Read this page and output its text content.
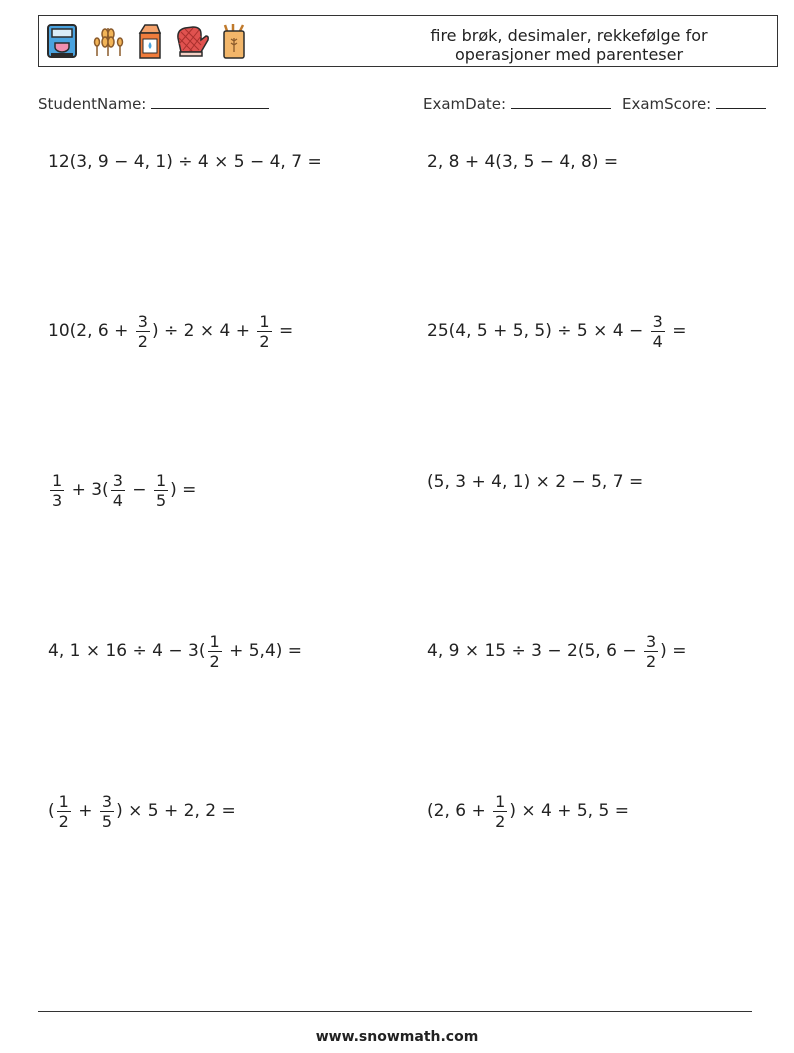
fire brøk, desimaler, rekkefølge for
operasjoner med parenteser
StudentName:	ExamDate:	ExamScore:
12(3, 9 − 4, 1) ÷ 4 × 5 − 4, 7 =	2, 8 + 4(3, 5 − 4, 8) =
10(2, $6 + \frac{3}{2}$ ) ÷ $2 \times 4 + \frac{1}{2}$ =	25(4, 5 + 5, $5) \div 5 \times 4 - \frac{3}{4}$ =
$\frac{1}{3} + 3( \frac{3}{4} - \frac{1}{5}$ ) =	(5, 3 + 4, 1) × 2 − 5, 7 =
4, $1 \times 16 \div 4 - 3( \frac{1}{2} + 5,4)$ =	4, 9 × 15 ÷ 3 − 2(5, $6 - \frac{3}{2}$ ) =
( $\frac{1}{2} + \frac{3}{5}$ ) × 5 + 2, 2 =	(2, $6 + \frac{1}{2}$ ) × 4 + 5, 5 =
www.snowmath.com
